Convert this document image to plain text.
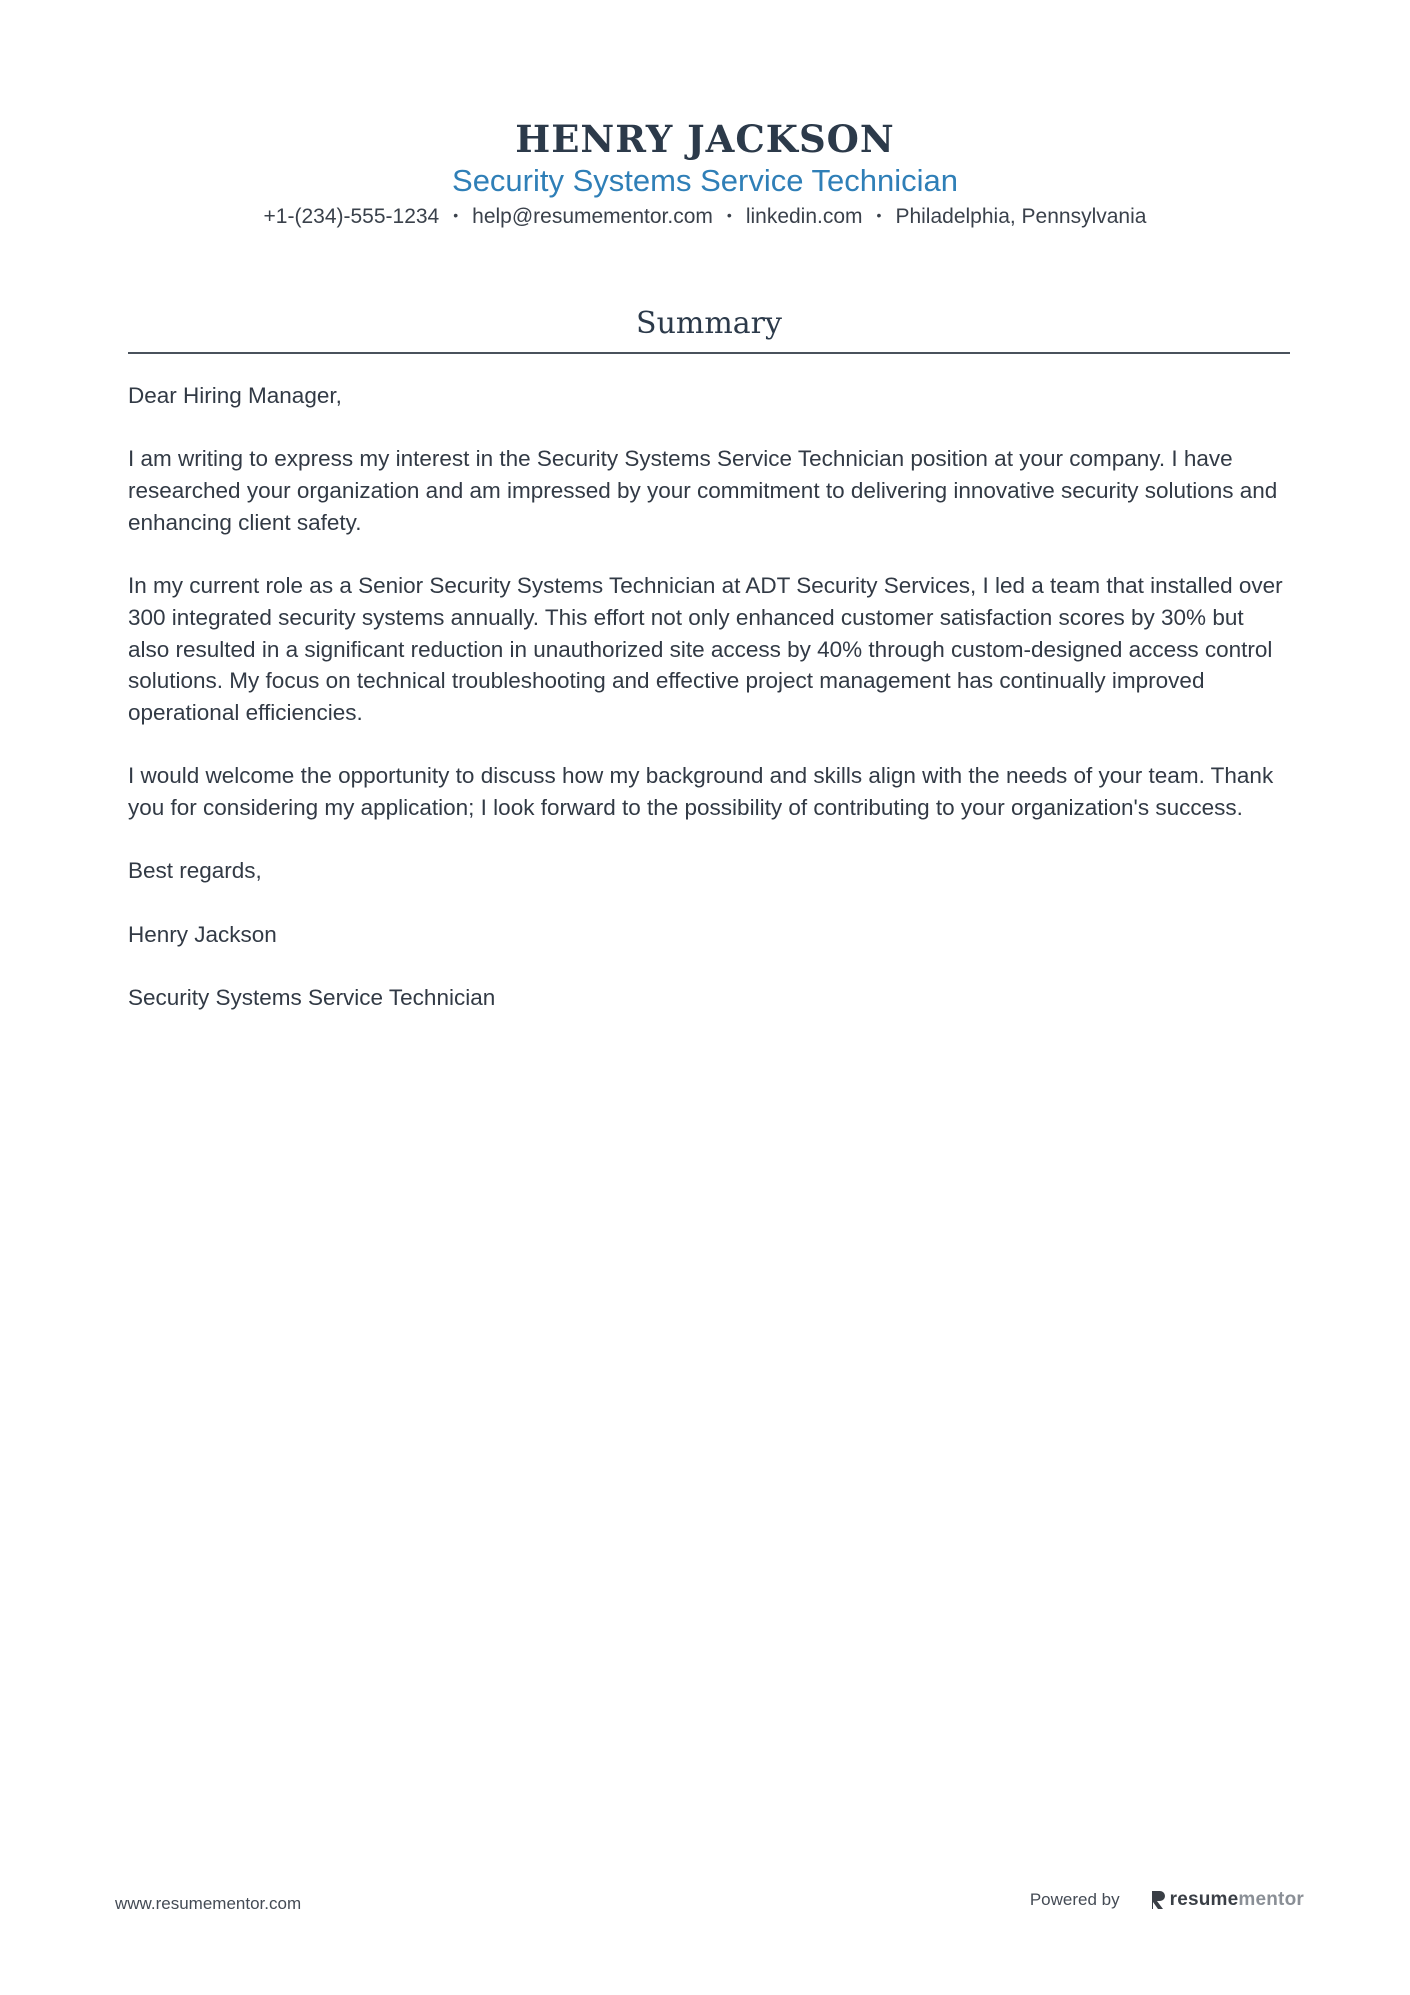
HENRY JACKSON
Security Systems Service Technician
+1-(234)-555-1234 • help@resumementor.com • linkedin.com • Philadelphia, Pennsylvania
Summary

Dear Hiring Manager,

I am writing to express my interest in the Security Systems Service Technician position at your company. I have researched your organization and am impressed by your commitment to delivering innovative security solutions and enhancing client safety.

In my current role as a Senior Security Systems Technician at ADT Security Services, I led a team that installed over 300 integrated security systems annually. This effort not only enhanced customer satisfaction scores by 30% but also resulted in a significant reduction in unauthorized site access by 40% through custom-designed access control solutions. My focus on technical troubleshooting and effective project management has continually improved operational efficiencies.

I would welcome the opportunity to discuss how my background and skills align with the needs of your team. Thank you for considering my application; I look forward to the possibility of contributing to your organization's success.

Best regards,

Henry Jackson

Security Systems Service Technician

www.resumementor.com	Powered by	resume mentor
